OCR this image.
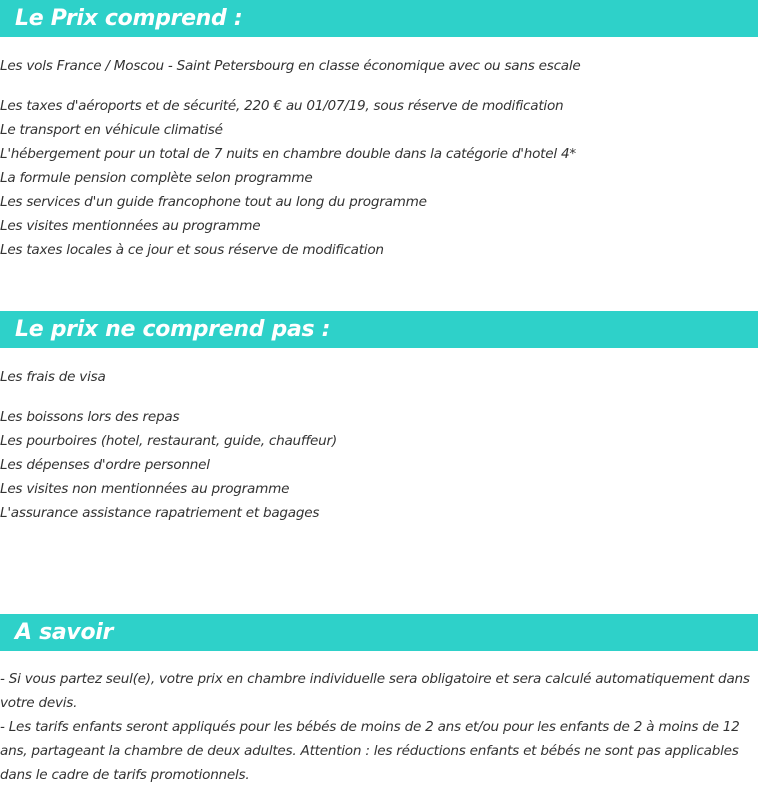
Le Prix comprend :
Les vols France / Moscou - Saint Petersbourg en classe économique avec ou sans escale
Les taxes d'aéroports et de sécurité, 220 € au 01/07/19, sous réserve de modification
Le transport en véhicule climatisé
L'hébergement pour un total de 7 nuits en chambre double dans la catégorie d'hotel 4*
La formule pension complète selon programme
Les services d'un guide francophone tout au long du programme
Les visites mentionnées au programme
Les taxes locales à ce jour et sous réserve de modification
Le prix ne comprend pas :
Les frais de visa
Les boissons lors des repas
Les pourboires (hotel, restaurant, guide, chauffeur)
Les dépenses d'ordre personnel
Les visites non mentionnées au programme
L'assurance assistance rapatriement et bagages
A savoir

- Si vous partez seul(e), votre prix en chambre individuelle sera obligatoire et sera calculé automatiquement dans votre devis.

- Les tarifs enfants seront appliqués pour les bébés de moins de 2 ans et/ou pour les enfants de 2 à moins de 12 ans, partageant la chambre de deux adultes. Attention : les réductions enfants et bébés ne sont pas applicables dans le cadre de tarifs promotionnels.
